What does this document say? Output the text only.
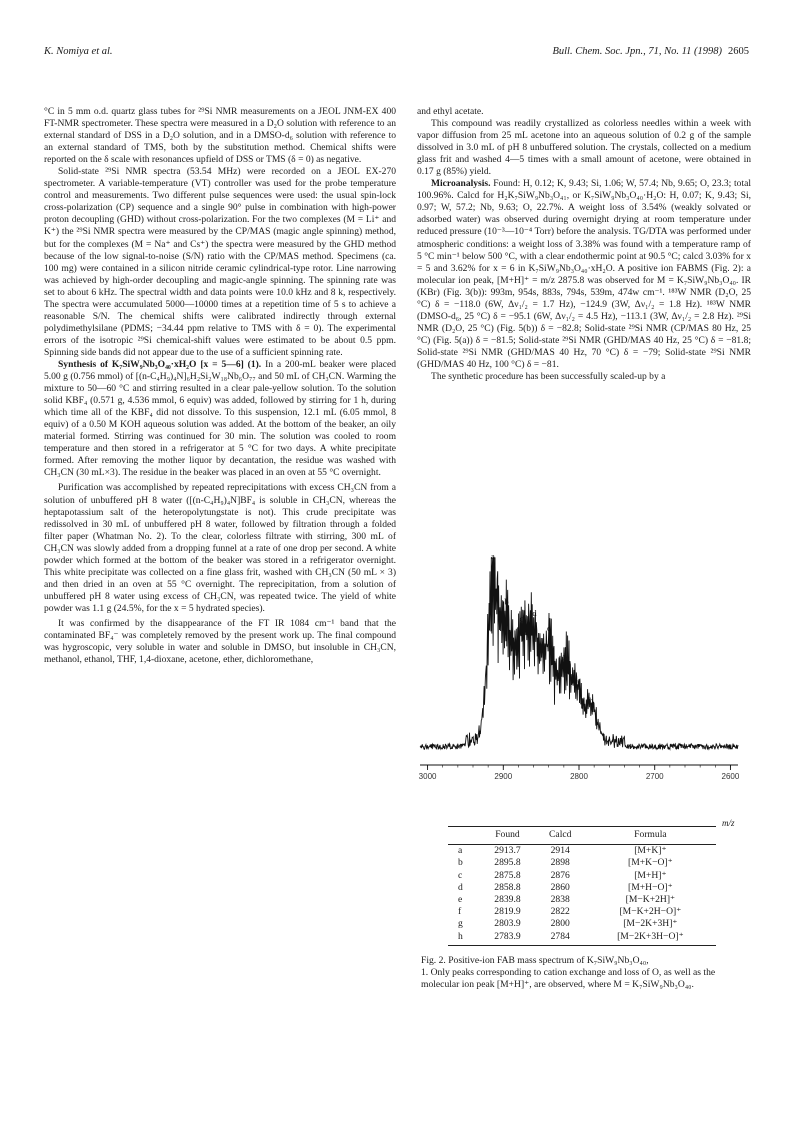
K. Nomiya et al.	Bull. Chem. Soc. Jpn., 71, No. 11 (1998) 2605

°C in 5 mm o.d. quartz glass tubes for ²⁹Si NMR measurements on a JEOL JNM-EX 400 FT-NMR spectrometer. These spectra were measured in a D₂O solution with reference to an external standard of DSS in a D₂O solution, and in a DMSO-d₆ solution with reference to an external standard of TMS, both by the substitution method. Chemical shifts were reported on the δ scale with resonances upfield of DSS or TMS (δ = 0) as negative.

Solid-state ²⁹Si NMR spectra (53.54 MHz) were recorded on a JEOL EX-270 spectrometer. A variable-temperature (VT) controller was used for the probe temperature control and measurements. Two different pulse sequences were used: the usual spin-lock cross-polarization (CP) sequence and a single 90° pulse in combination with high-power proton decoupling (GHD) without cross-polarization. For the two complexes (M = Li⁺ and K⁺) the ²⁹Si NMR spectra were measured by the CP/MAS (magic angle spinning) method, but for the complexes (M = Na⁺ and Cs⁺) the spectra were measured by the GHD method because of the low signal-to-noise (S/N) ratio with the CP/MAS method. Specimens (ca. 100 mg) were contained in a silicon nitride ceramic cylindrical-type rotor. Line narrowing was achieved by high-order decoupling and magic-angle spinning. The spinning rate was set to about 6 kHz. The spectral width and data points were 10.0 kHz and 8 k, respectively. The spectra were accumulated 5000—10000 times at a repetition time of 5 s to achieve a reasonable S/N. The chemical shifts were calibrated indirectly through external polydimethylsilane (PDMS; −34.44 ppm relative to TMS with δ = 0). The experimental errors of the isotropic ²⁹Si chemical-shift values were estimated to be about 0.5 ppm. Spinning side bands did not appear due to the use of a sufficient spinning rate.

Synthesis of K₇SiW₉Nb₃O₄₀·xH₂O [x = 5—6] (1). In a 200-mL beaker were placed 5.00 g (0.756 mmol) of [(n-C₄H₉)₄N]₆H₂Si₂W₁₈Nb₆O₇₇ and 50 mL of CH₃CN. Warming the mixture to 50—60 °C and stirring resulted in a clear pale-yellow solution. To the solution solid KBF₄ (0.571 g, 4.536 mmol, 6 equiv) was added, followed by stirring for 1 h, during which time all of the KBF₄ did not dissolve. To this suspension, 12.1 mL (6.05 mmol, 8 equiv) of a 0.50 M KOH aqueous solution was added. At the bottom of the beaker, an oily material formed. Stirring was continued for 30 min. The solution was cooled to room temperature and then stored in a refrigerator at 5 °C for two days. A white precipitate formed. After removing the mother liquor by decantation, the residue was washed with CH₃CN (30 mL×3). The residue in the beaker was placed in an oven at 55 °C overnight.

Purification was accomplished by repeated reprecipitations with excess CH₃CN from a solution of unbuffered pH 8 water ([(n-C₄H₉)₄N]BF₄ is soluble in CH₃CN, whereas the heptapotassium salt of the heteropolytungstate is not). This crude precipitate was redissolved in 30 mL of unbuffered pH 8 water, followed by filtration through a folded filter paper (Whatman No. 2). To the clear, colorless filtrate with stirring, 300 mL of CH₃CN was slowly added from a dropping funnel at a rate of one drop per second. A white powder which formed at the bottom of the beaker was stored in a refrigerator overnight. This white precipitate was collected on a fine glass frit, washed with CH₃CN (50 mL × 3) and then dried in an oven at 55 °C overnight. The reprecipitation, from a solution of unbuffered pH 8 water using excess of CH₃CN, was repeated twice. The yield of white powder was 1.1 g (24.5%, for the x = 5 hydrated species).

It was confirmed by the disappearance of the FT IR 1084 cm⁻¹ band that the contaminated BF₄⁻ was completely removed by the present work up. The final compound was hygroscopic, very soluble in water and soluble in DMSO, but insoluble in CH₃CN, methanol, ethanol, THF, 1,4-dioxane, acetone, ether, dichloromethane,

and ethyl acetate.

This compound was readily crystallized as colorless needles within a week with vapor diffusion from 25 mL acetone into an aqueous solution of 0.2 g of the sample dissolved in 3.0 mL of pH 8 unbuffered solution. The crystals, collected on a medium glass frit and washed 4—5 times with a small amount of acetone, were obtained in 0.17 g (85%) yield.

Microanalysis. Found: H, 0.12; K, 9.43; Si, 1.06; W, 57.4; Nb, 9.65; O, 23.3; total 100.96%. Calcd for H₂K₇SiW₉Nb₃O₄₁, or K₇SiW₉Nb₃O₄₀·H₂O: H, 0.07; K, 9.43; Si, 0.97; W, 57.2; Nb, 9.63; O, 22.7%. A weight loss of 3.54% (weakly solvated or adsorbed water) was observed during overnight drying at room temperature under reduced pressure (10⁻³—10⁻⁴ Torr) before the analysis. TG/DTA was performed under atmospheric conditions: a weight loss of 3.38% was found with a temperature ramp of 5 °C min⁻¹ below 500 °C, with a clear endothermic point at 90.5 °C; calcd 3.03% for x = 5 and 3.62% for x = 6 in K₇SiW₉Nb₃O₄₀·xH₂O. A positive ion FABMS (Fig. 2): a molecular ion peak, [M+H]⁺ = m/z 2875.8 was observed for M = K₇SiW₉Nb₃O₄₀. IR (KBr) (Fig. 3(b)): 993m, 954s, 883s, 794s, 539m, 474w cm⁻¹. ¹⁸³W NMR (D₂O, 25 °C) δ = −118.0 (6W, Δν₁/₂ = 1.7 Hz), −124.9 (3W, Δν₁/₂ = 1.8 Hz). ¹⁸³W NMR (DMSO-d₆, 25 °C) δ = −95.1 (6W, Δν₁/₂ = 4.5 Hz), −113.1 (3W, Δν₁/₂ = 2.8 Hz). ²⁹Si NMR (D₂O, 25 °C) (Fig. 5(b)) δ = −82.8; Solid-state ²⁹Si NMR (CP/MAS 80 Hz, 25 °C) (Fig. 5(a)) δ = −81.5; Solid-state ²⁹Si NMR (GHD/MAS 40 Hz, 25 °C) δ = −81.8; Solid-state ²⁹Si NMR (GHD/MAS 40 Hz, 70 °C) δ = −79; Solid-state ²⁹Si NMR (GHD/MAS 40 Hz, 100 °C) δ = −81.

The synthetic procedure has been successfully scaled-up by a

3000	2900	2800	2700	2600
a
b
c
d
e
f
g
h
m/z
	Found	Calcd	Formula
a	2913.7	2914	[M+K]⁺
b	2895.8	2898	[M+K−O]⁺
c	2875.8	2876	[M+H]⁺
d	2858.8	2860	[M+H−O]⁺
e	2839.8	2838	[M−K+2H]⁺
f	2819.9	2822	[M−K+2H−O]⁺
g	2803.9	2800	[M−2K+3H]⁺
h	2783.9	2784	[M−2K+3H−O]⁺
Fig. 2. Positive-ion FAB mass spectrum of K₇SiW₉Nb₃O₄₀,
1. Only peaks corresponding to cation exchange and loss of O, as well as the molecular ion peak [M+H]⁺, are observed, where M = K₇SiW₉Nb₃O₄₀.
